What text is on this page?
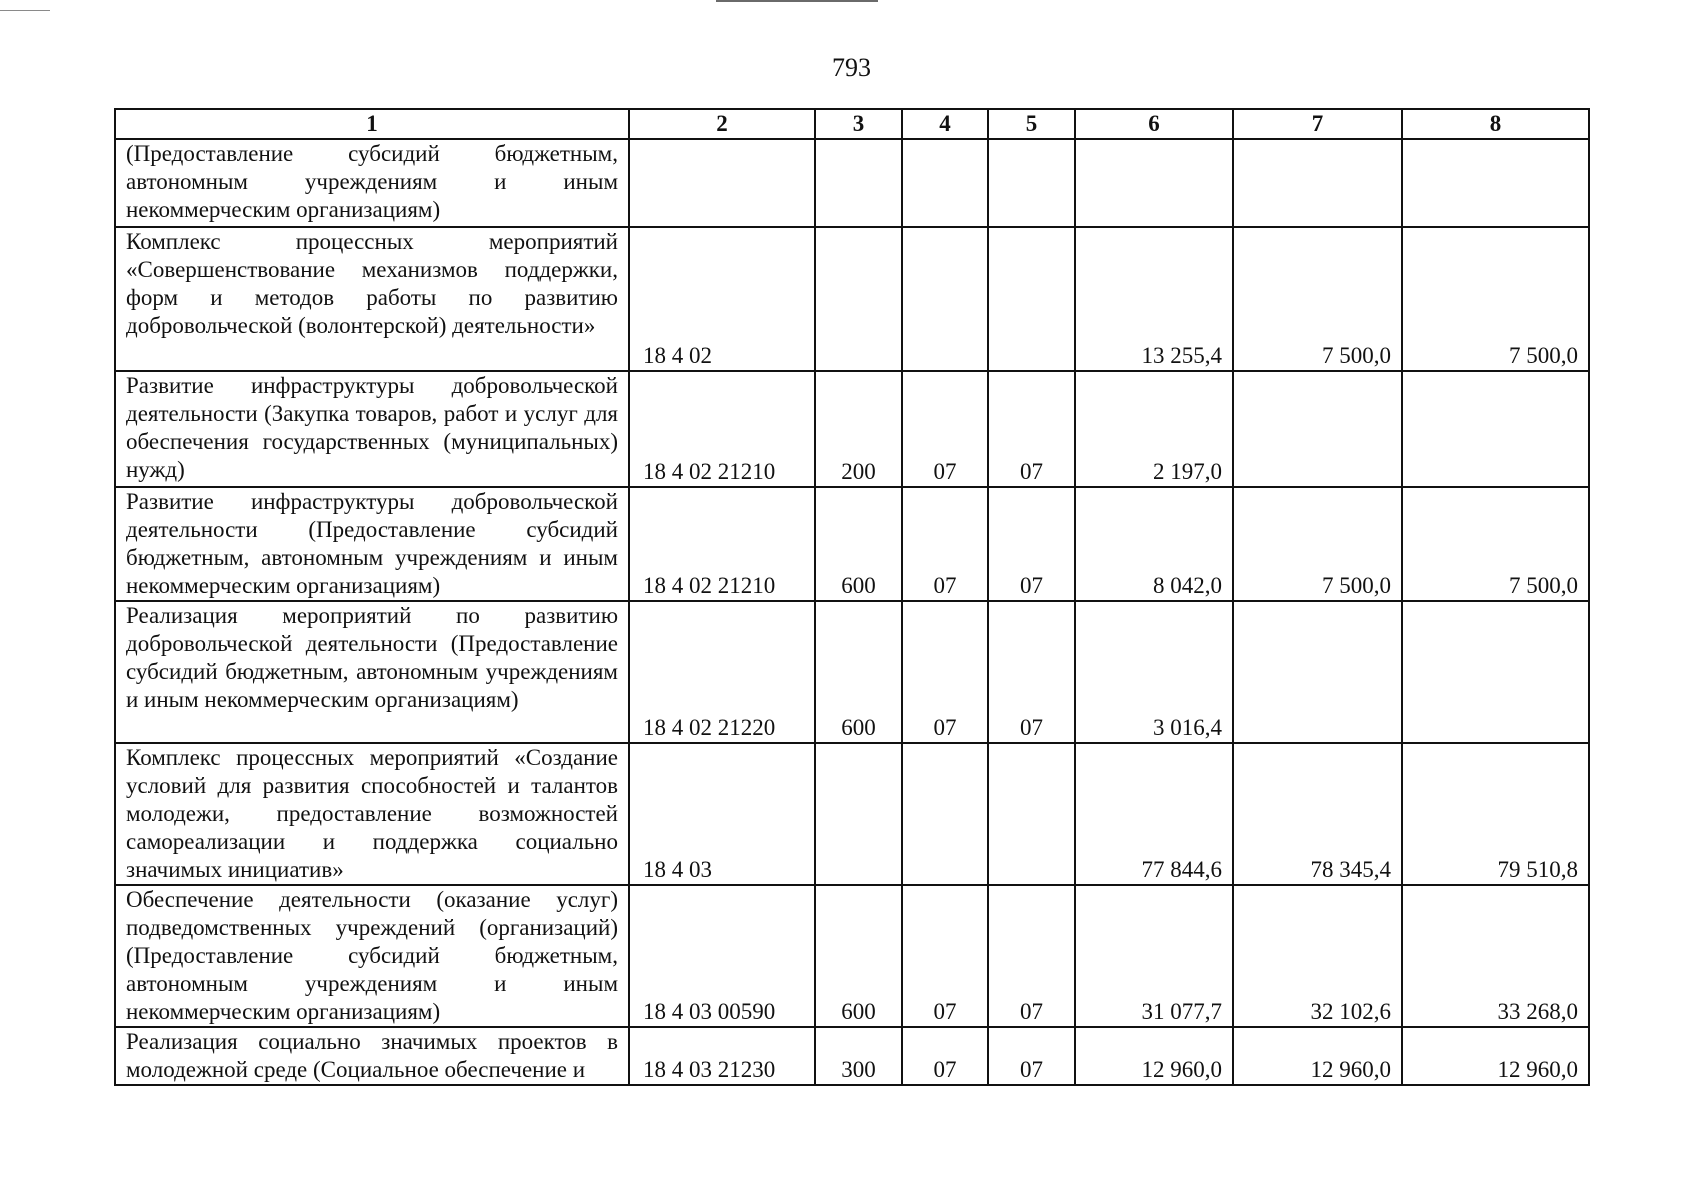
793
1	2	3	4	5	6	7	8
(Предоставление субсидий бюджетным, автономным учреждениям и иным некоммерческим организациям)							
Комплекс процессных мероприятий «Совершенствование механизмов поддержки, форм и методов работы по развитию добровольческой (волонтерской) деятельности»	18 4 02				13 255,4	7 500,0	7 500,0
Развитие инфраструктуры добровольческой деятельности (Закупка товаров, работ и услуг для обеспечения государственных (муниципальных) нужд)	18 4 02 21210	200	07	07	2 197,0		
Развитие инфраструктуры добровольческой деятельности (Предоставление субсидий бюджетным, автономным учреждениям и иным некоммерческим организациям)	18 4 02 21210	600	07	07	8 042,0	7 500,0	7 500,0
Реализация мероприятий по развитию добровольческой деятельности (Предоставление субсидий бюджетным, автономным учреждениям и иным некоммерческим организациям)	18 4 02 21220	600	07	07	3 016,4		
Комплекс процессных мероприятий «Создание условий для развития способностей и талантов молодежи, предоставление возможностей самореализации и поддержка социально значимых инициатив»	18 4 03				77 844,6	78 345,4	79 510,8
Обеспечение деятельности (оказание услуг) подведомственных учреждений (организаций) (Предоставление субсидий бюджетным, автономным учреждениям и иным некоммерческим организациям)	18 4 03 00590	600	07	07	31 077,7	32 102,6	33 268,0
Реализация социально значимых проектов в молодежной среде (Социальное обеспечение и	18 4 03 21230	300	07	07	12 960,0	12 960,0	12 960,0
